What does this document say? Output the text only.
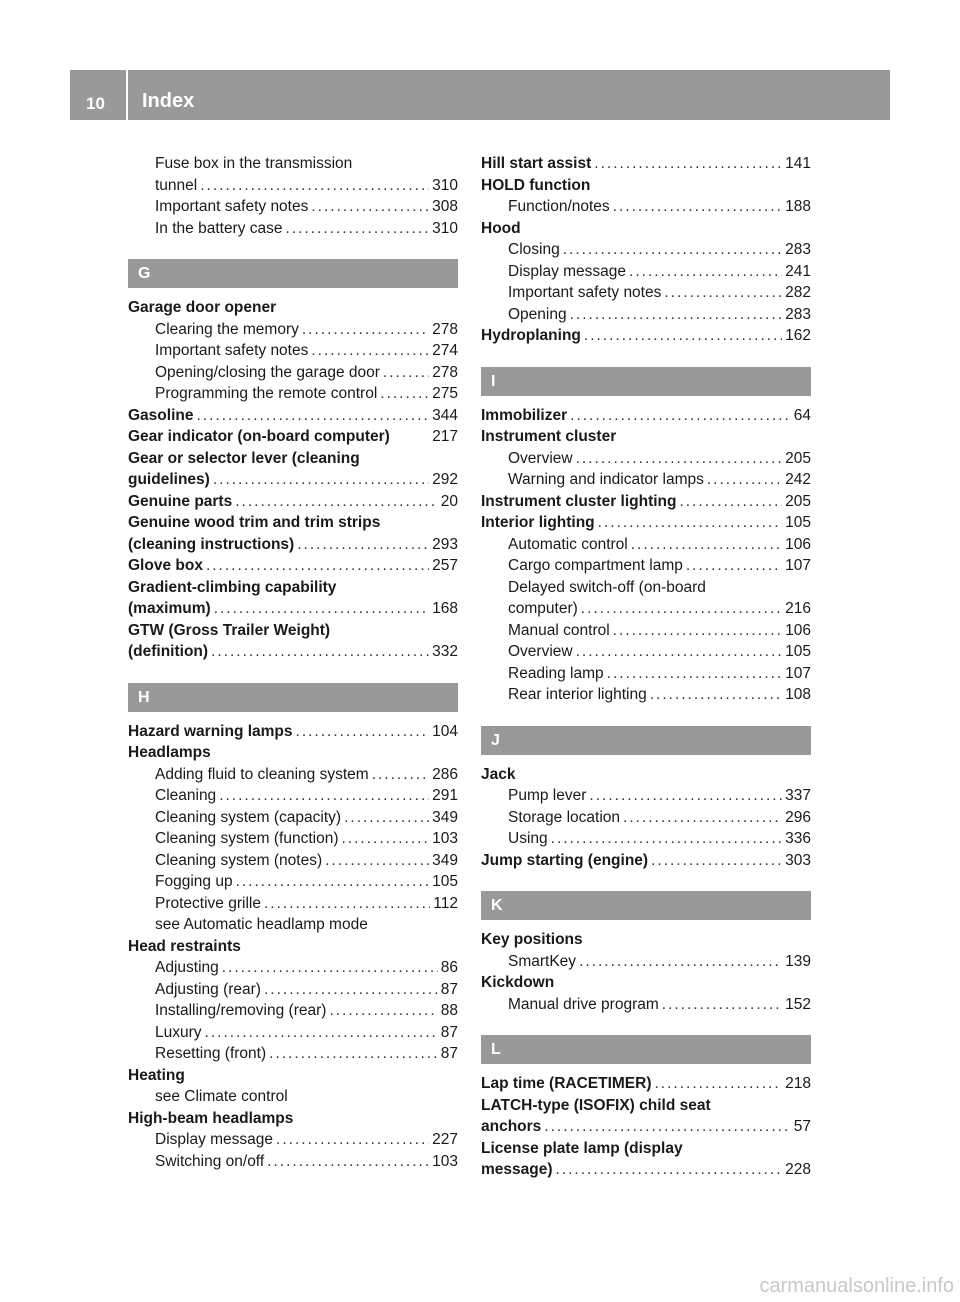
10 Index
Fuse box in the transmission
tunnel .....	310
Important safety notes .....	308
In the battery case .....	310
G
Garage door opener
Clearing the memory .....	278
Important safety notes .....	274
Opening/closing the garage door .....	278
Programming the remote control .....	275
Gasoline .....	344
Gear indicator (on-board computer)	217
Gear or selector lever (cleaning
guidelines) .....	292
Genuine parts .....	20
Genuine wood trim and trim strips
(cleaning instructions) .....	293
Glove box .....	257
Gradient-climbing capability
(maximum) .....	168
GTW (Gross Trailer Weight)
(definition) .....	332
H
Hazard warning lamps .....	104
Headlamps
Adding fluid to cleaning system .....	286
Cleaning .....	291
Cleaning system (capacity) .....	349
Cleaning system (function) .....	103
Cleaning system (notes) .....	349
Fogging up .....	105
Protective grille .....	112
see Automatic headlamp mode
Head restraints
Adjusting .....	86
Adjusting (rear) .....	87
Installing/removing (rear) .....	88
Luxury .....	87
Resetting (front) .....	87
Heating
see Climate control
High-beam headlamps
Display message .....	227
Switching on/off .....	103
Hill start assist .....	141
HOLD function
Function/notes .....	188
Hood
Closing .....	283
Display message .....	241
Important safety notes .....	282
Opening .....	283
Hydroplaning .....	162
I
Immobilizer .....	64
Instrument cluster
Overview .....	205
Warning and indicator lamps .....	242
Instrument cluster lighting .....	205
Interior lighting .....	105
Automatic control .....	106
Cargo compartment lamp .....	107
Delayed switch-off (on-board
computer) .....	216
Manual control .....	106
Overview .....	105
Reading lamp .....	107
Rear interior lighting .....	108
J
Jack
Pump lever .....	337
Storage location .....	296
Using .....	336
Jump starting (engine) .....	303
K
Key positions
SmartKey .....	139
Kickdown
Manual drive program .....	152
L
Lap time (RACETIMER) .....	218
LATCH-type (ISOFIX) child seat
anchors .....	57
License plate lamp (display
message) .....	228
carmanualsonline.info
